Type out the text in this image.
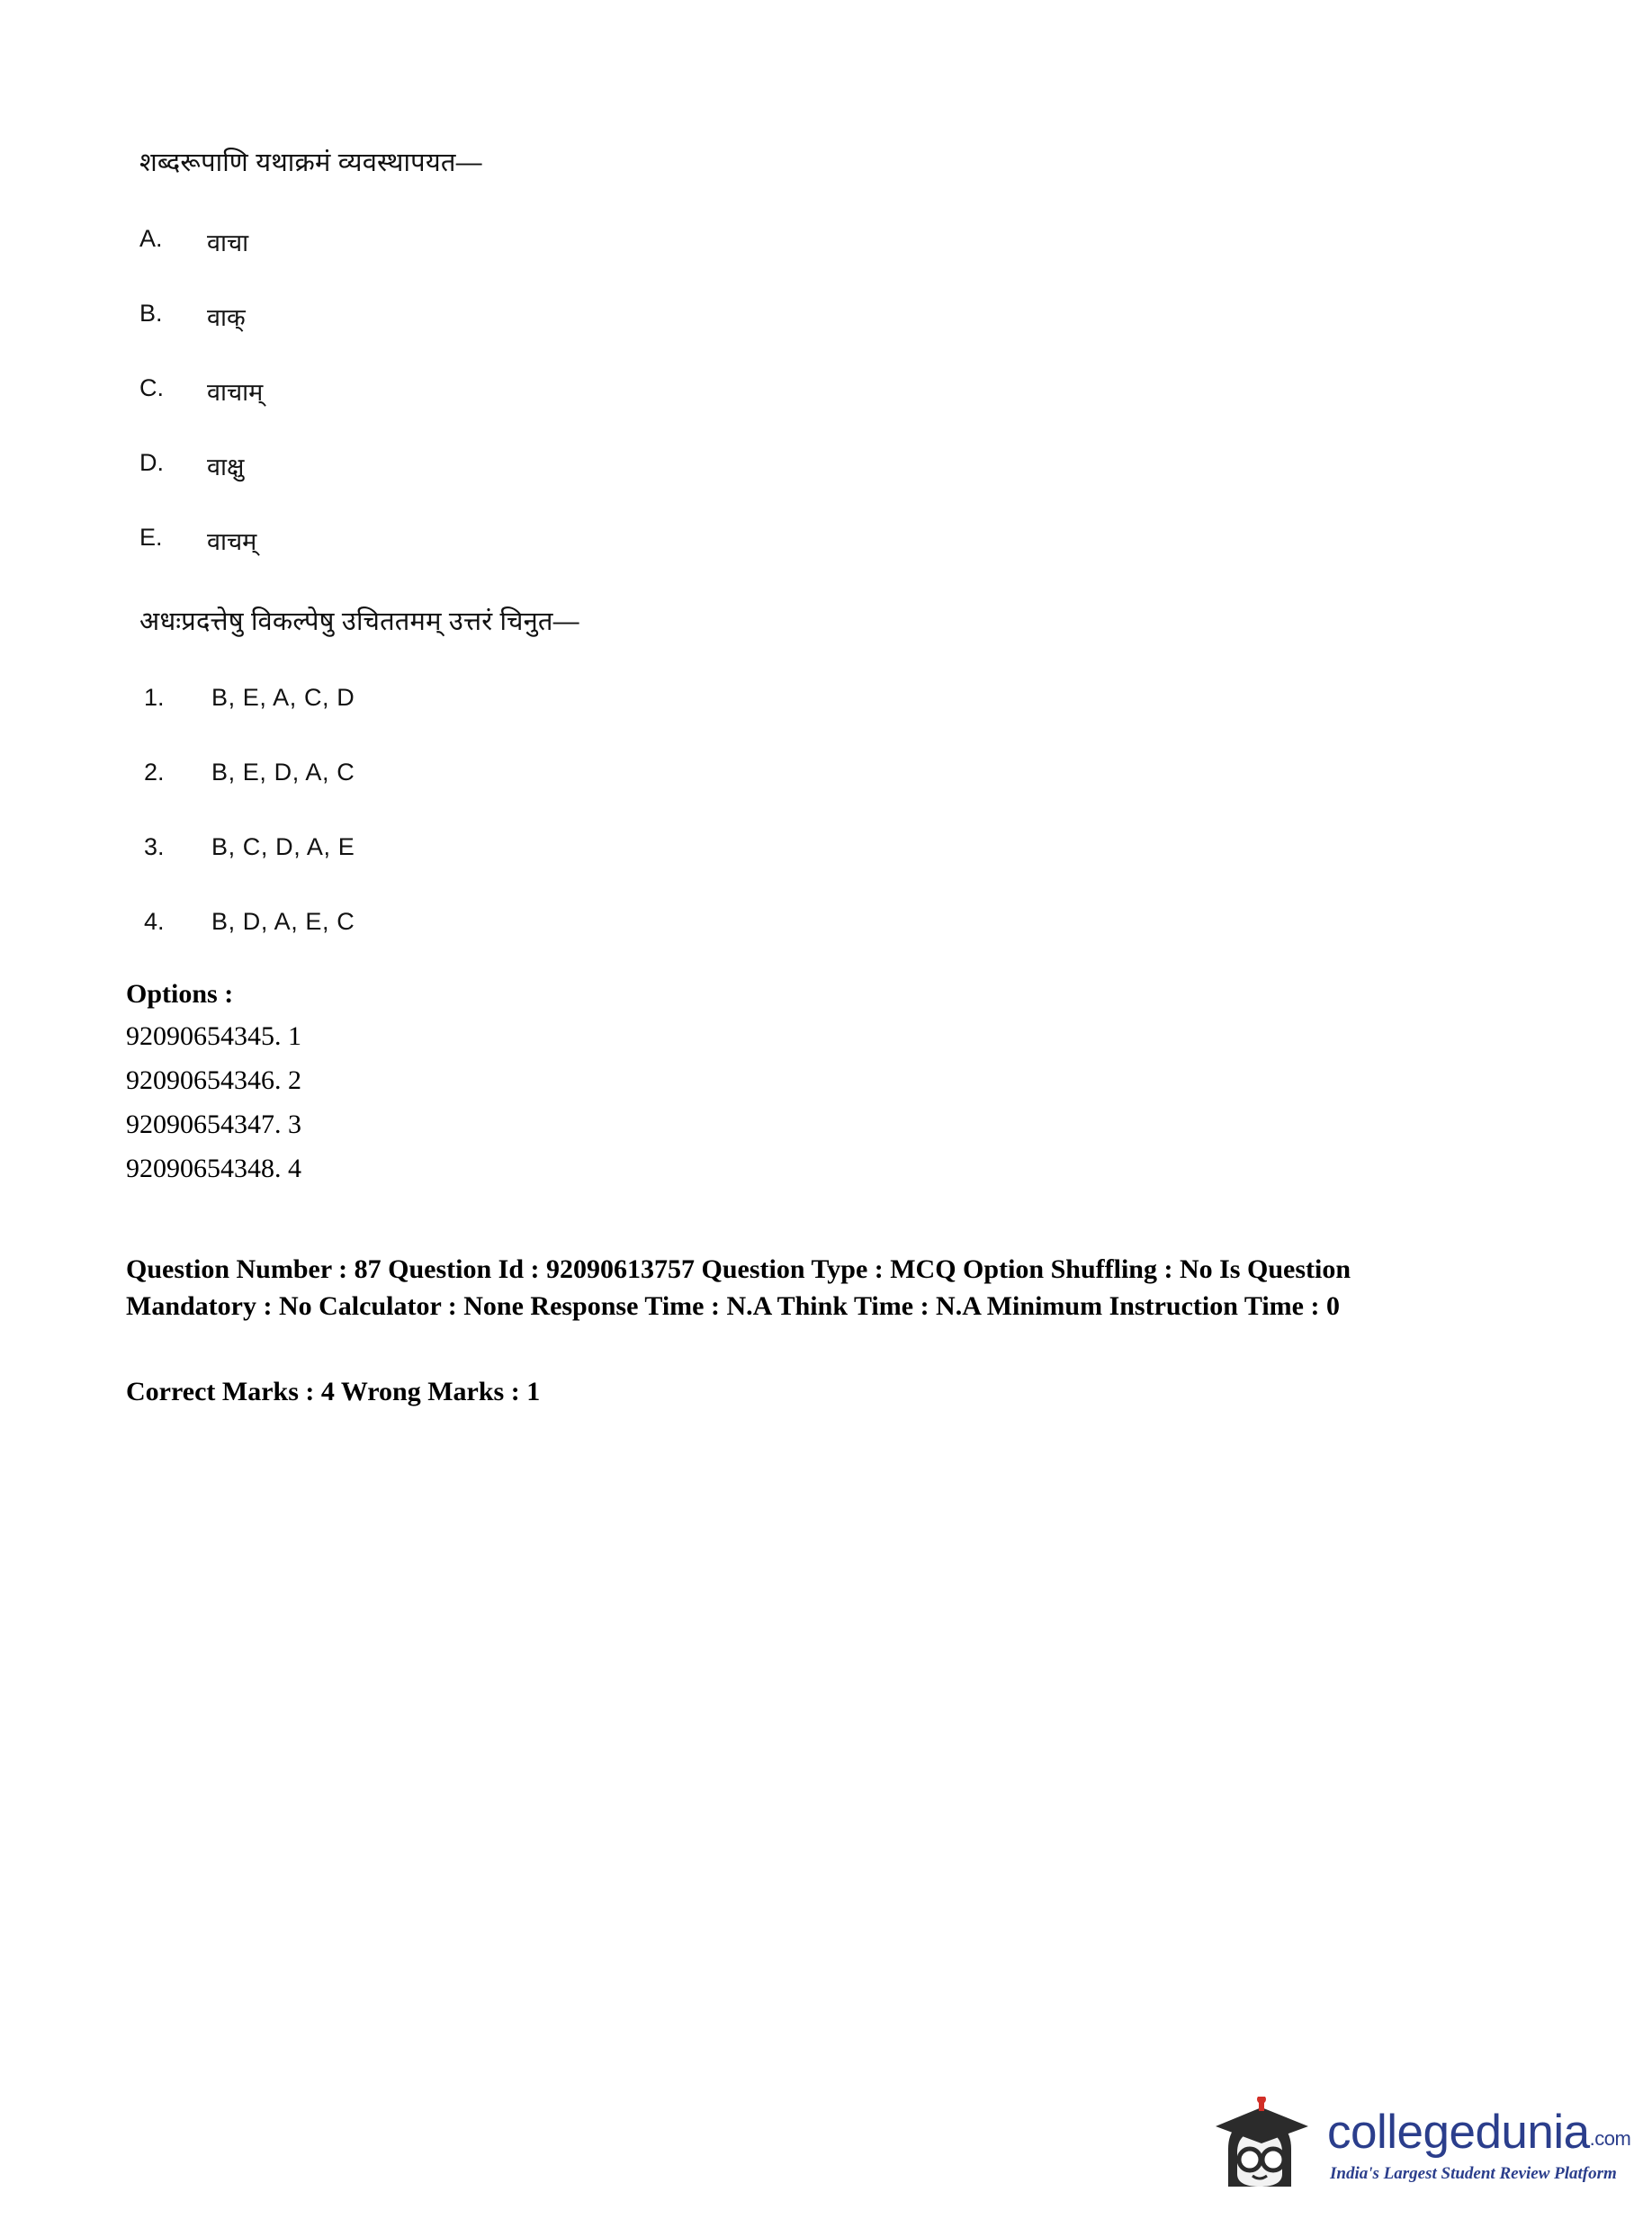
शब्दरूपाणि यथाक्रमं व्यवस्थापयत—
A.	वाचा
B.	वाक्
C.	वाचाम्
D.	वाक्षु
E.	वाचम्
अधःप्रदत्तेषु विकल्पेषु उचिततमम् उत्तरं चिनुत—
1.	B, E, A, C, D
2.	B, E, D, A, C
3.	B, C, D, A, E
4.	B, D, A, E, C
Options :
92090654345. 1
92090654346. 2
92090654347. 3
92090654348. 4
Question Number : 87 Question Id : 92090613757 Question Type : MCQ Option Shuffling : No Is Question Mandatory : No Calculator : None Response Time : N.A Think Time : N.A Minimum Instruction Time : 0
Correct Marks : 4 Wrong Marks : 1
collegedunia.com
India's Largest Student Review Platform
